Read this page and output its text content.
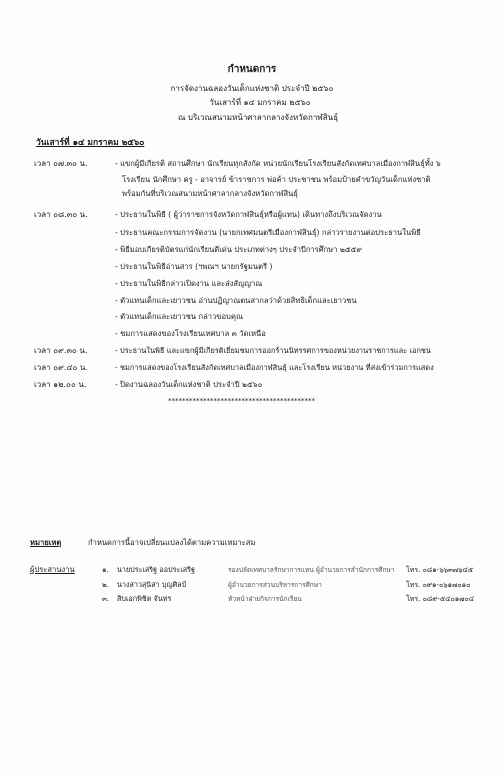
กำหนดการ
การจัดงานฉลองวันเด็กแห่งชาติ ประจำปี ๒๕๖๐
วันเสาร์ที่ ๑๔ มกราคม ๒๕๖๐
ณ บริเวณสนามหน้าศาลากลางจังหวัดกาฬสินธุ์
วันเสาร์ที่ ๑๔ มกราคม ๒๕๖๐
เวลา ๐๗.๓๐ น.	- แขกผู้มีเกียรติ สถานศึกษา นักเรียนทุกสังกัด หน่วยนักเรียนโรงเรียนสังกัดเทศบาลเมืองกาฬสินธุ์ทั้ง ๖
โรงเรียน นักศึกษา ครู - อาจารย์ ข้าราชการ พ่อค้า ประชาชน พร้อมป้ายคำขวัญวันเด็กแห่งชาติ
พร้อมกันที่บริเวณสนามหน้าศาลากลางจังหวัดกาฬสินธุ์
เวลา ๐๘.๓๐ น.	- ประธานในพิธี ( ผู้ว่าราชการจังหวัดกาฬสินธุ์หรือผู้แทน) เดินทางถึงบริเวณจัดงาน
- ประธานคณะกรรมการจัดงาน (นายกเทศมนตรีเมืองกาฬสินธุ์) กล่าวรายงานต่อประธานในพิธี
- พิธีมอบเกียรติบัตรแก่นักเรียนดีเด่น ประเภทต่างๆ ประจำปีการศึกษา ๒๕๕๙
- ประธานในพิธีอ่านสาร (ฯพณฯ นายกรัฐมนตรี )
- ประธานในพิธีกล่าวเปิดงาน และส่งสัญญาณ
- ตัวแทนเด็กและเยาวชน อ่านปฏิญาณตนสากลว่าด้วยสิทธิเด็กและเยาวชน
- ตัวแทนเด็กและเยาวชน กล่าวขอบคุณ
- ชมการแสดงของโรงเรียนเทศบาล ๓ วัดเหนือ
เวลา ๐๙.๓๐ น.	- ประธานในพิธี และแขกผู้มีเกียรติเยี่ยมชมการออกร้านนิทรรศการของหน่วยงานราชการและ เอกชน
เวลา ๐๙.๔๐ น.	- ชมการแสดงของโรงเรียนสังกัดเทศบาลเมืองกาฬสินธุ์ และโรงเรียน หน่วยงาน ที่ส่งเข้าร่วมการแสดง
เวลา ๑๒.๐๐ น.	- ปิดงานฉลองวันเด็กแห่งชาติ ประจำปี ๒๕๖๐
******************************************
หมายเหตุ	กำหนดการนี้อาจเปลี่ยนแปลงได้ตามความเหมาะสม
ผู้ประสานงาน	๑. นายประเสริฐ ออประเสริฐ	รองปลัดเทศบาลรักษาการแทน ผู้อำนวยการสำนักการศึกษา โทร. ๐๘๑-๖๖๓๗๖๔๕
๒. นางสาวสุนิสา บุญศิลป์	ผู้อำนวยการส่วนบริหารการศึกษา	โทร. ๐๙๑-๐๖๑๗๐๑๐
๓. สิบเอกพิชิต จันทร	หัวหน้าฝ่ายกิจการนักเรียน	โทร. ๐๘๙-๕๔๐๑๗๐๔
